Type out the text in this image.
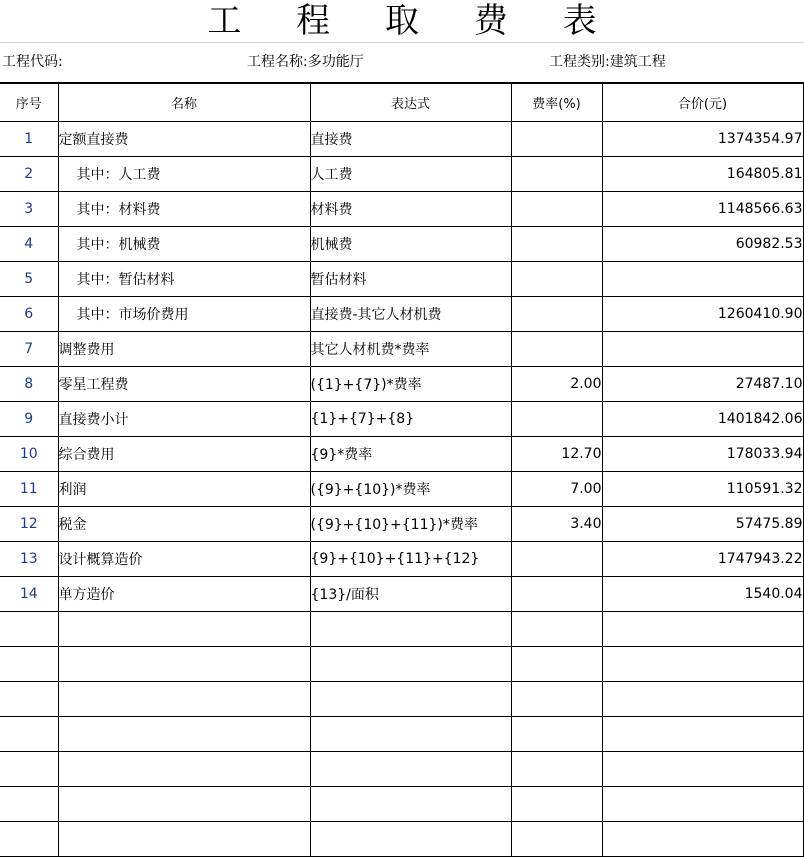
工 程 取 费 表
工程代码:	工程名称:多功能厅	工程类别:建筑工程
序号	名称	表达式	费率(%)	合价(元)
1	定额直接费	直接费		1374354.97
2	其中：人工费	人工费		164805.81
3	其中：材料费	材料费		1148566.63
4	其中：机械费	机械费		60982.53
5	其中：暂估材料	暂估材料		
6	其中：市场价费用	直接费-其它人材机费		1260410.90
7	调整费用	其它人材机费*费率		
8	零星工程费	({1}+{7})*费率	2.00	27487.10
9	直接费小计	{1}+{7}+{8}		1401842.06
10	综合费用	{9}*费率	12.70	178033.94
11	利润	({9}+{10})*费率	7.00	110591.32
12	税金	({9}+{10}+{11})*费率	3.40	57475.89
13	设计概算造价	{9}+{10}+{11}+{12}		1747943.22
14	单方造价	{13}/面积		1540.04
